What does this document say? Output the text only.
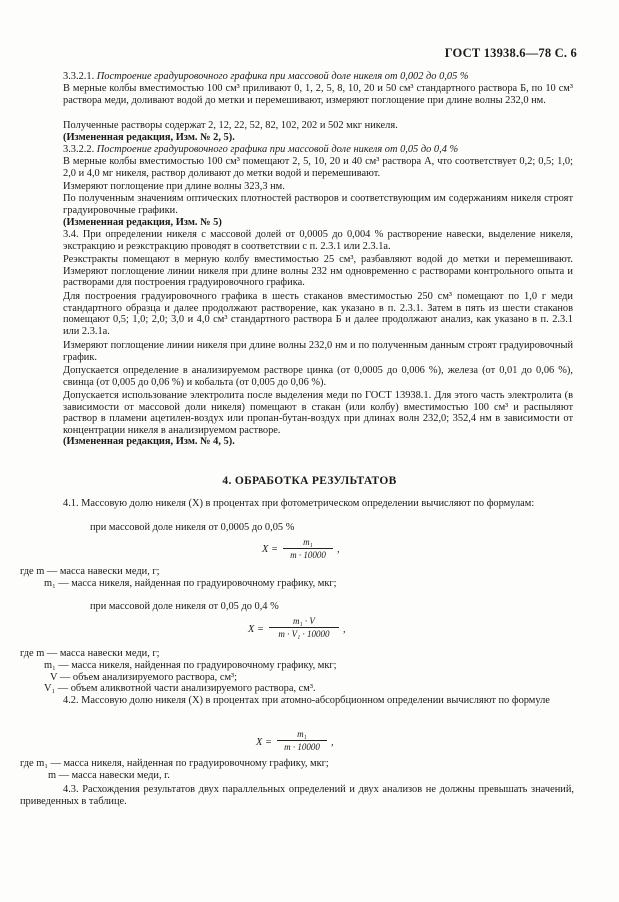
ГОСТ 13938.6—78 С. 6
3.3.2.1. Построение градуировочного графика при массовой доле никеля от 0,002 до 0,05 %
В мерные колбы вместимостью 100 см³ приливают 0, 1, 2, 5, 8, 10, 20 и 50 см³ стандартного раствора Б, по 10 см³ раствора меди, доливают водой до метки и перемешивают, измеряют поглощение при длине волны 232,0 нм.
Полученные растворы содержат 2, 12, 22, 52, 82, 102, 202 и 502 мкг никеля.
(Измененная редакция, Изм. № 2, 5).
3.3.2.2. Построение градуировочного графика при массовой доле никеля от 0,05 до 0,4 %
В мерные колбы вместимостью 100 см³ помещают 2, 5, 10, 20 и 40 см³ раствора А, что соответствует 0,2; 0,5; 1,0; 2,0 и 4,0 мг никеля, раствор доливают до метки водой и перемешивают.
Измеряют поглощение при длине волны 323,3 нм.
По полученным значениям оптических плотностей растворов и соответствующим им содержаниям никеля строят градуировочные графики.
(Измененная редакция, Изм. № 5)
3.4. При определении никеля с массовой долей от 0,0005 до 0,004 % растворение навески, выделение никеля, экстракцию и реэкстракцию проводят в соответствии с п. 2.3.1 или 2.3.1а.
Реэкстракты помещают в мерную колбу вместимостью 25 см³, разбавляют водой до метки и перемешивают. Измеряют поглощение линии никеля при длине волны 232 нм одновременно с растворами контрольного опыта и растворами для построения градуировочного графика.
Для построения градуировочного графика в шесть стаканов вместимостью 250 см³ помещают по 1,0 г меди стандартного образца и далее продолжают растворение, как указано в п. 2.3.1. Затем в пять из шести стаканов помещают 0,5; 1,0; 2,0; 3,0 и 4,0 см³ стандартного раствора Б и далее продолжают анализ, как указано в п. 2.3.1 или 2.3.1а.
Измеряют поглощение линии никеля при длине волны 232,0 нм и по полученным данным строят градуировочный график.
Допускается определение в анализируемом растворе цинка (от 0,0005 до 0,006 %), железа (от 0,01 до 0,06 %), свинца (от 0,005 до 0,06 %) и кобальта (от 0,005 до 0,06 %).
Допускается использование электролита после выделения меди по ГОСТ 13938.1. Для этого часть электролита (в зависимости от массовой доли никеля) помещают в стакан (или колбу) вместимостью 100 см³ и распыляют раствор в пламени ацетилен-воздух или пропан-бутан-воздух при длинах волн 232,0; 352,4 нм в зависимости от концентрации никеля в анализируемом растворе.
(Измененная редакция, Изм. № 4, 5).
4. ОБРАБОТКА РЕЗУЛЬТАТОВ
4.1. Массовую долю никеля (X) в процентах при фотометрическом определении вычисляют по формулам:
при массовой доле никеля от 0,0005 до 0,05 %
$X = \frac{\text{m₁}}{m \cdot 10000}$ ,
где m — масса навески меди, г;
m₁ — масса никеля, найденная по градуировочному графику, мкг;
при массовой доле никеля от 0,05 до 0,4 %
$X = \frac{\text{m₁ · V}}{\text{m · V₁ · 10000}}$ ,
где m — масса навески меди, г;
m₁ — масса никеля, найденная по градуировочному графику, мкг;
V — объем анализируемого раствора, см³;
V₁ — объем аликвотной части анализируемого раствора, см³.
4.2. Массовую долю никеля (X) в процентах при атомно-абсорбционном определении вычисляют по формуле
$X = \frac{\text{m₁}}{m \cdot 10000}$ ,
где m₁ — масса никеля, найденная по градуировочному графику, мкг;
m — масса навески меди, г.
4.3. Расхождения результатов двух параллельных определений и двух анализов не должны превышать значений, приведенных в таблице.
